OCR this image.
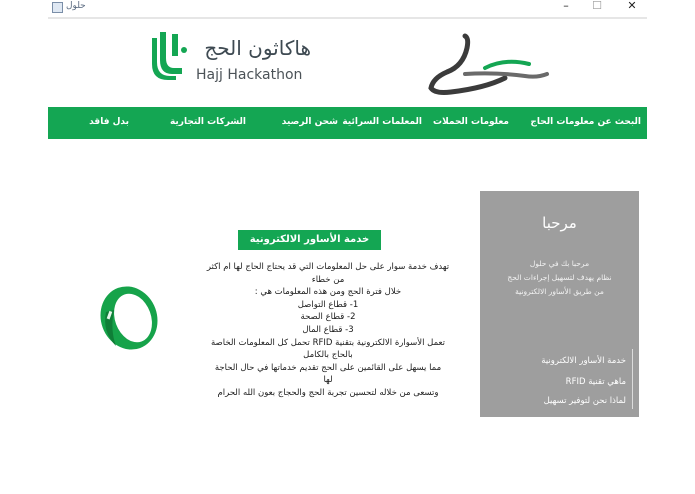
حلول	–	☐	✕
هاكاثون الحج
Hajj Hackathon
البحث عن معلومات الحاج
معلومات الحملات
المعلمات السرائية
شحن الرصيد
الشركات التجارية
بدل فاقد
خدمة الأساور الالكترونية

تهدف خدمة سوار على حل المعلومات التي قد يحتاج الحاج لها ام اكثر

من خطاء

خلال فترة الحج ومن هذه المعلومات هي :

1- قطاع التواصل

2- قطاع الصحة

3- قطاع المال

تعمل الأسوارة الالكترونية بتقنية RFID تحمل كل المعلومات الخاصة

بالحاج بالكامل

مما يسهل على القائمين على الحج تقديم خدماتها في حال الحاجة

لها

وتسعى من خلاله لتحسين تجربة الحج والحجاج بعون الله الحرام

مرحبا

مرحبا بك في حلول

نظام يهدف لتسهيل إجراءات الحج

من طريق الأساور الالكترونية

خدمة الأساور الالكترونية
ماهي تقنية RFID
لماذا نحن لتوفير تسهيل
